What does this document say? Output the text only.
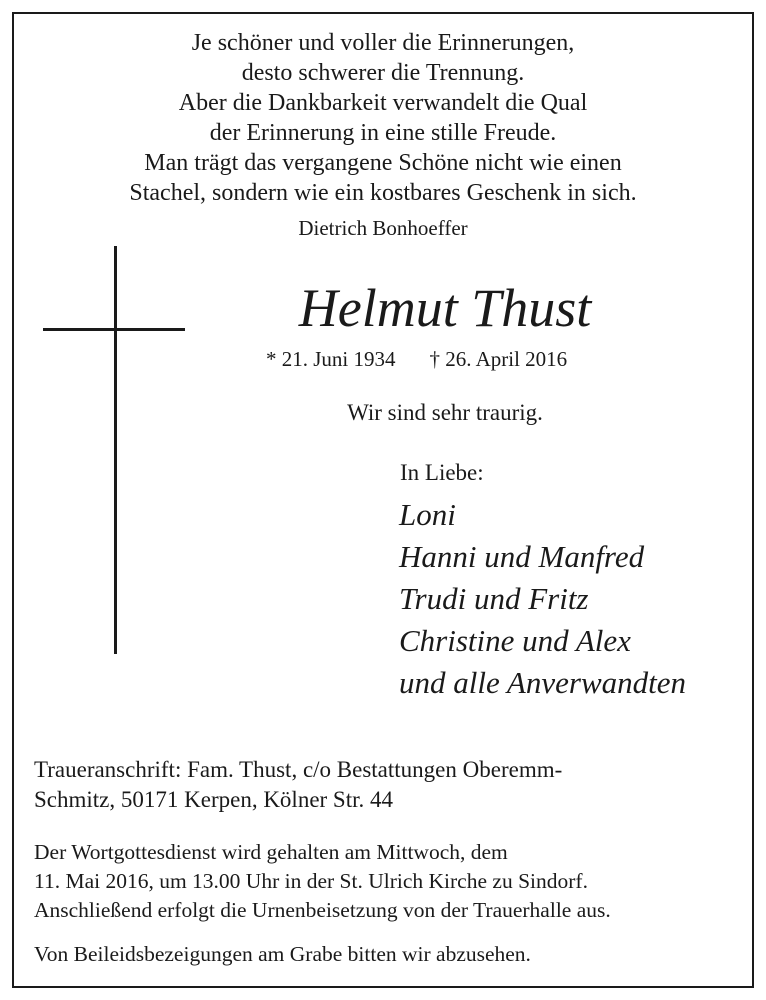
Je schöner und voller die Erinnerungen,
desto schwerer die Trennung.
Aber die Dankbarkeit verwandelt die Qual
der Erinnerung in eine stille Freude.
Man trägt das vergangene Schöne nicht wie einen
Stachel, sondern wie ein kostbares Geschenk in sich.
Dietrich Bonhoeffer
Helmut Thust
* 21. Juni 1934 † 26. April 2016
Wir sind sehr traurig.
In Liebe:
Loni
Hanni und Manfred
Trudi und Fritz
Christine und Alex
und alle Anverwandten
Traueranschrift: Fam. Thust, c/o Bestattungen Oberemm-
Schmitz, 50171 Kerpen, Kölner Str. 44
Der Wortgottesdienst wird gehalten am Mittwoch, dem
11. Mai 2016, um 13.00 Uhr in der St. Ulrich Kirche zu Sindorf.
Anschließend erfolgt die Urnenbeisetzung von der Trauerhalle aus.
Von Beileidsbezeigungen am Grabe bitten wir abzusehen.
